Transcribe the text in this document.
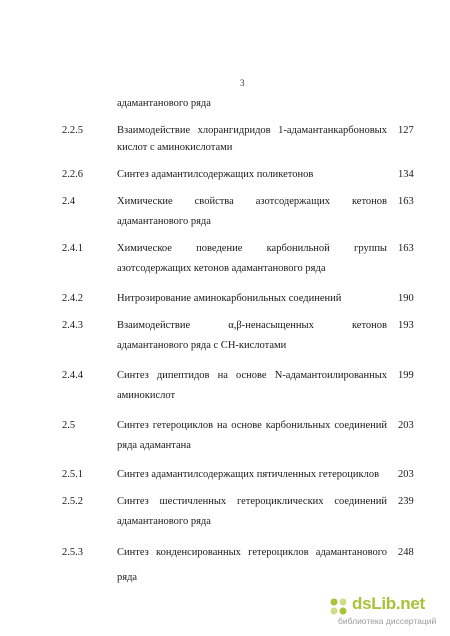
3
адамантанового ряда
2.2.5	Взаимодействие хлорангидридов 1-адамантанкарбоновых 127
кислот с аминокислотами
2.2.6	Синтез адамантилсодержащих поликетонов	134
2.4	Химические свойства азотсодержащих кетонов 163
адамантанового ряда
2.4.1	Химическое поведение карбонильной группы 163
азотсодержащих кетонов адамантанового ряда
2.4.2	Нитрозирование аминокарбонильных соединений	190
2.4.3	Взаимодействие α,β-ненасыщенных кетонов 193
адамантанового ряда с СН-кислотами
2.4.4	Синтез дипептидов на основе N-адамантоилированных 199
аминокислот
2.5	Синтез гетероциклов на основе карбонильных соединений 203
ряда адамантана
2.5.1	Синтез адамантилсодержащих пятичленных гетероциклов	203
2.5.2	Синтез шестичленных гетероциклических соединений 239
адамантанового ряда
2.5.3	Синтез конденсированных гетероциклов адамантанового 248
ряда
dsLib.net
библиотека диссертаций
